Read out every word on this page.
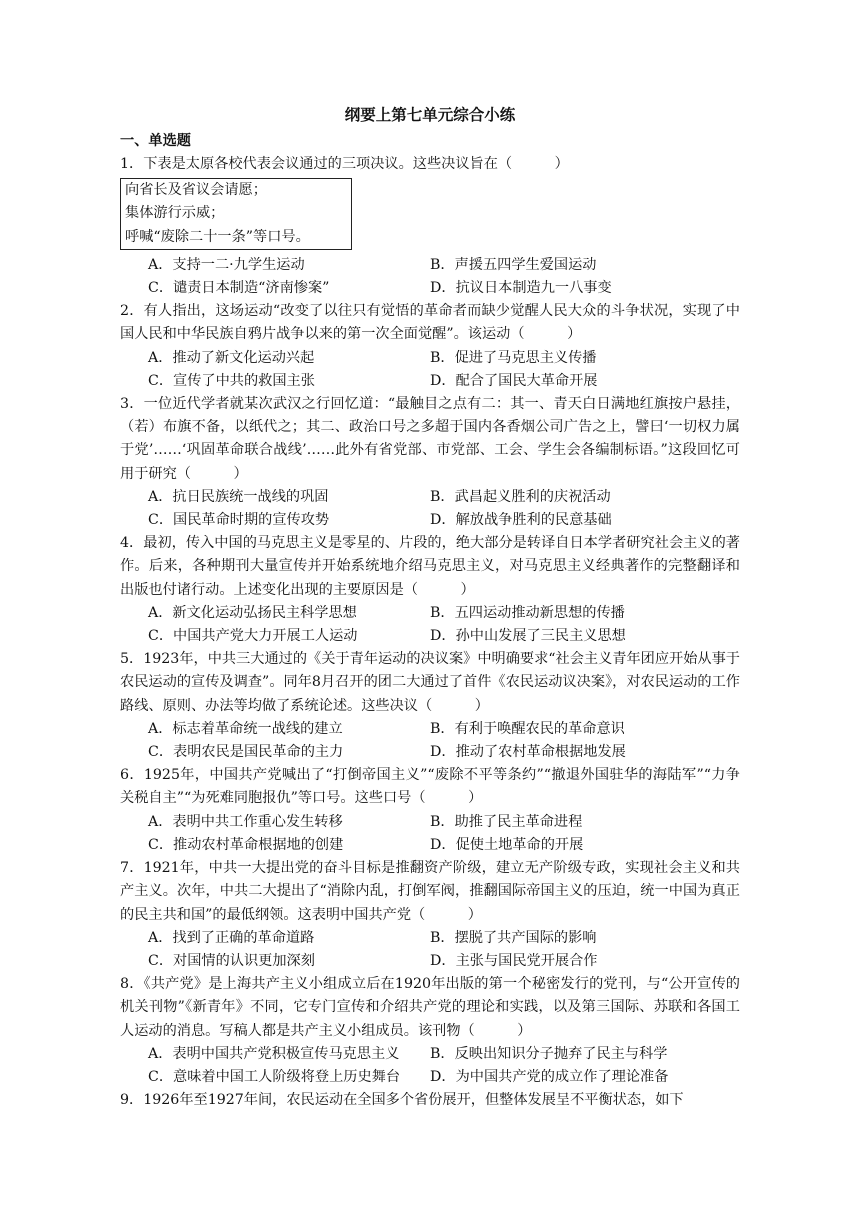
纲要上第七单元综合小练
一、单选题
1．下表是太原各校代表会议通过的三项决议。这些决议旨在（　　　）
向省长及省议会请愿；
集体游行示威；
呼喊“废除二十一条”等口号。
A．支持一二·九学生运动	B．声援五四学生爱国运动
C．谴责日本制造“济南惨案”	D．抗议日本制造九一八事变
2．有人指出，这场运动“改变了以往只有觉悟的革命者而缺少觉醒人民大众的斗争状况，实现了中国人民和中华民族自鸦片战争以来的第一次全面觉醒”。该运动（　　　）
A．推动了新文化运动兴起	B．促进了马克思主义传播
C．宣传了中共的救国主张	D．配合了国民大革命开展
3．一位近代学者就某次武汉之行回忆道：“最触目之点有二：其一、青天白日满地红旗按户悬挂，（若）布旗不备，以纸代之；其二、政治口号之多超于国内各香烟公司广告之上，譬曰‘一切权力属于党’……‘巩固革命联合战线’……此外有省党部、市党部、工会、学生会各编制标语。”这段回忆可用于研究（　　　）
A．抗日民族统一战线的巩固	B．武昌起义胜利的庆祝活动
C．国民革命时期的宣传攻势	D．解放战争胜利的民意基础
4．最初，传入中国的马克思主义是零星的、片段的，绝大部分是转译自日本学者研究社会主义的著作。后来，各种期刊大量宣传并开始系统地介绍马克思主义，对马克思主义经典著作的完整翻译和出版也付诸行动。上述变化出现的主要原因是（　　　）
A．新文化运动弘扬民主科学思想	B．五四运动推动新思想的传播
C．中国共产党大力开展工人运动	D．孙中山发展了三民主义思想
5．1923年，中共三大通过的《关于青年运动的决议案》中明确要求“社会主义青年团应开始从事于农民运动的宣传及调查”。同年8月召开的团二大通过了首件《农民运动议决案》，对农民运动的工作路线、原则、办法等均做了系统论述。这些决议（　　　）
A．标志着革命统一战线的建立	B．有利于唤醒农民的革命意识
C．表明农民是国民革命的主力	D．推动了农村革命根据地发展
6．1925年，中国共产党喊出了“打倒帝国主义”“废除不平等条约”“撤退外国驻华的海陆军”“力争关税自主”“为死难同胞报仇”等口号。这些口号（　　　）
A．表明中共工作重心发生转移	B．助推了民主革命进程
C．推动农村革命根据地的创建	D．促使土地革命的开展
7．1921年，中共一大提出党的奋斗目标是推翻资产阶级，建立无产阶级专政，实现社会主义和共产主义。次年，中共二大提出了“消除内乱，打倒军阀，推翻国际帝国主义的压迫，统一中国为真正的民主共和国”的最低纲领。这表明中国共产党（　　　）
A．找到了正确的革命道路	B．摆脱了共产国际的影响
C．对国情的认识更加深刻	D．主张与国民党开展合作
8．《共产党》是上海共产主义小组成立后在1920年出版的第一个秘密发行的党刊，与“公开宣传的机关刊物”《新青年》不同，它专门宣传和介绍共产党的理论和实践，以及第三国际、苏联和各国工人运动的消息。写稿人都是共产主义小组成员。该刊物（　　　）
A．表明中国共产党积极宣传马克思主义	B．反映出知识分子抛弃了民主与科学
C．意味着中国工人阶级将登上历史舞台	D．为中国共产党的成立作了理论准备
9．1926年至1927年间，农民运动在全国多个省份展开，但整体发展呈不平衡状态，如下
